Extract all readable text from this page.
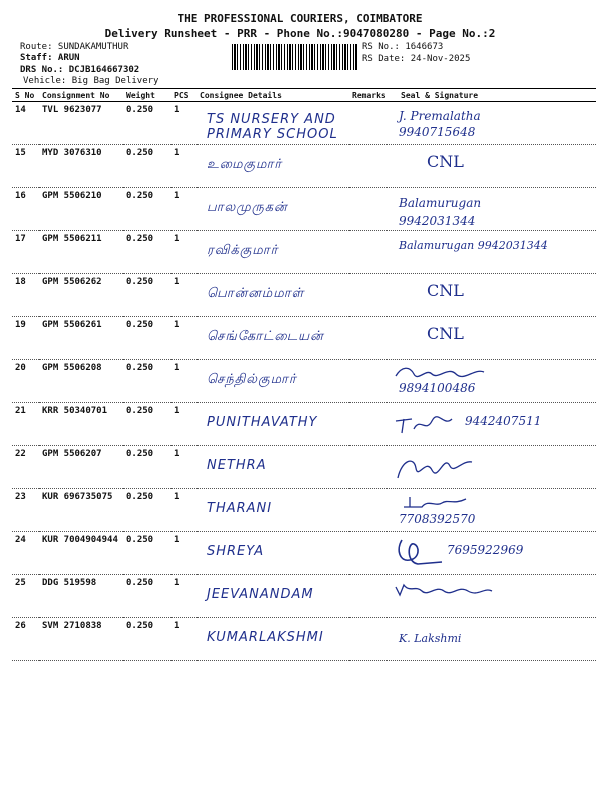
THE PROFESSIONAL COURIERS, COIMBATORE
Delivery Runsheet - PRR - Phone No.:9047080280 - Page No.:2
Route: SUNDAKAMUTHUR
Staff: ARUN
DRS No.: DCJB164667302
Vehicle: Big Bag Delivery
RS No.: 1646673
RS Date: 24-Nov-2025
S No	Consignment No	Weight	PCS	Consignee Details	Remarks	Seal & Signature
14	TVL 9623077	0.250	1	TS NURSERY AND PRIMARY SCHOOL		J. Premalatha 9940715648

15	MYD 3076310	0.250	1	உமைகுமார்		CNL

16	GPM 5506210	0.250	1	பாலமுருகன்		Balamurugan 9942031344

17	GPM 5506211	0.250	1	ரவிக்குமார்		Balamurugan 9942031344

18	GPM 5506262	0.250	1	பொன்னம்மாள்		CNL

19	GPM 5506261	0.250	1	செங்கோட்டையன்		CNL

20	GPM 5506208	0.250	1	செந்தில்குமார்		9894100486

21	KRR 50340701	0.250	1	PUNITHAVATHY		9442407511

22	GPM 5506207	0.250	1	NETHRA

23	KUR 696735075	0.250	1	THARANI		7708392570

24	KUR 7004904944	0.250	1	SHREYA		7695922969

25	DDG 519598	0.250	1	JEEVANANDAM

26	SVM 2710838	0.250	1	KUMARLAKSHMI		K. Lakshmi
